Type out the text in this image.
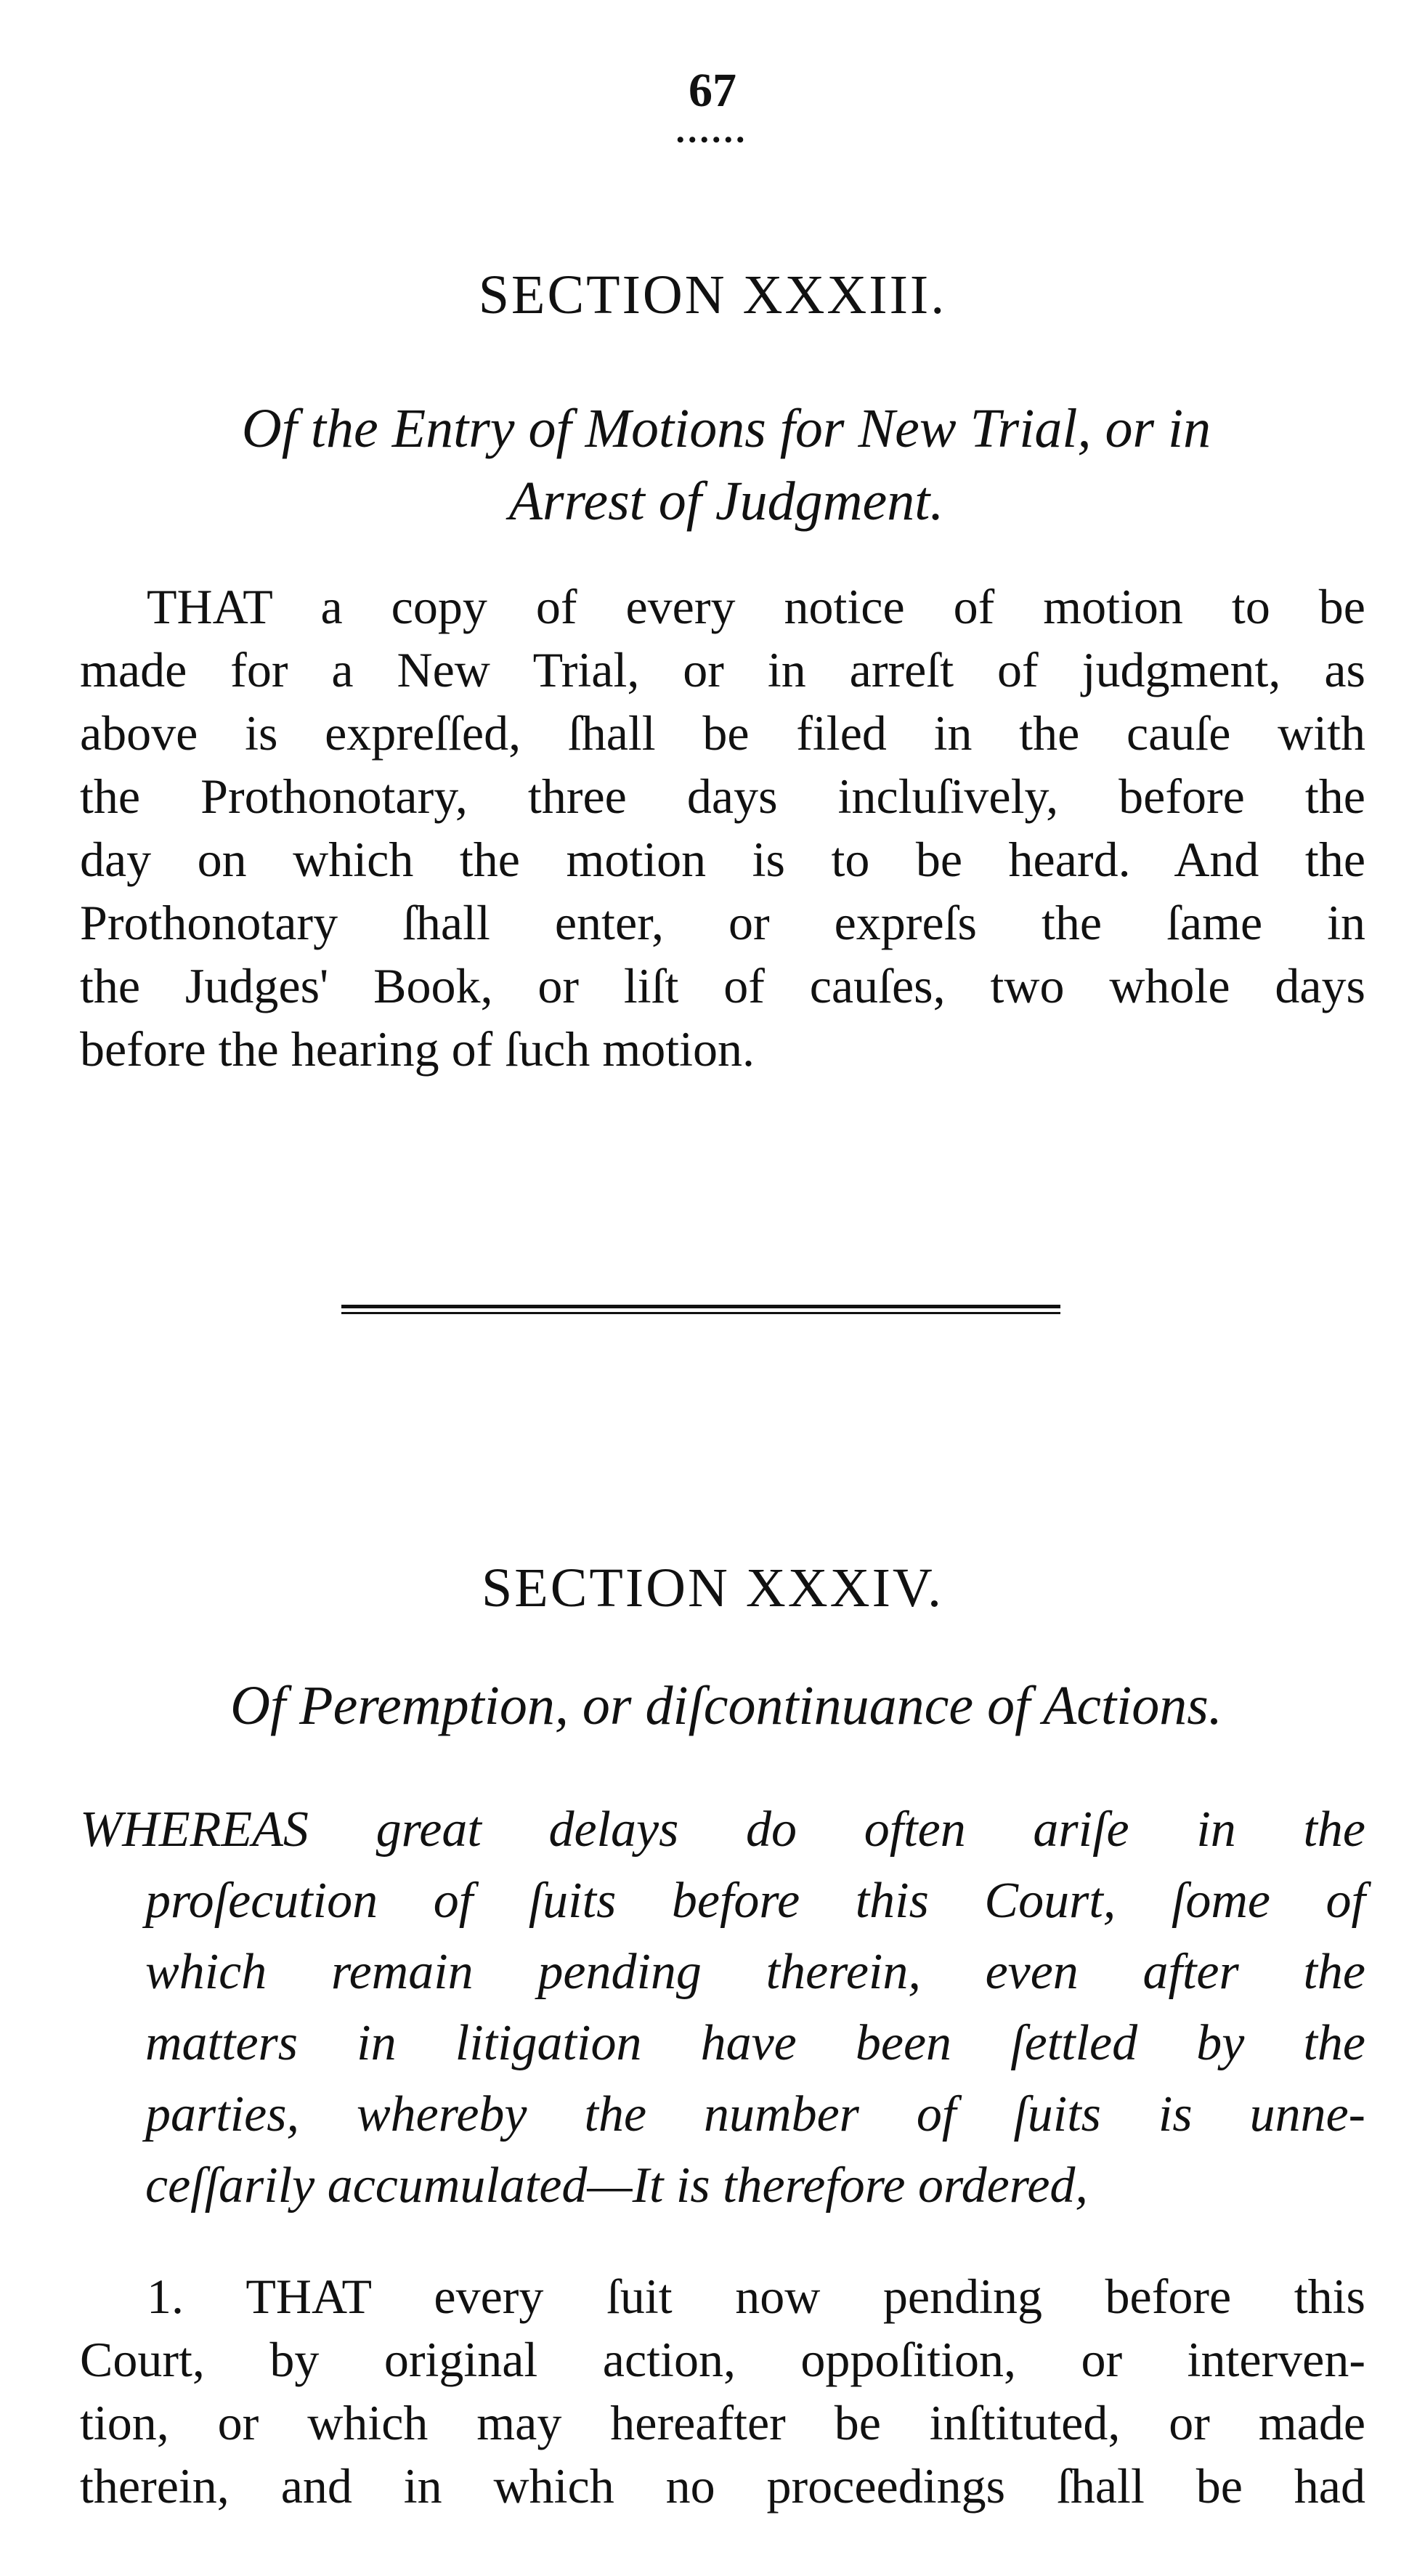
67
••••••
SECTION XXXIII.
Of the Entry of Motions for New Trial, or in
Arrest of Judgment.
THAT a copy of every notice of motion to be
made for a New Trial, or in arreſt of judgment, as
above is expreſſed, ſhall be filed in the cauſe with
the Prothonotary, three days incluſively, before the
day on which the motion is to be heard. And the
Prothonotary ſhall enter, or expreſs the ſame in
the Judges' Book, or liſt of cauſes, two whole days
before the hearing of ſuch motion.
SECTION XXXIV.
Of Peremption, or diſcontinuance of Actions.
WHEREAS great delays do often ariſe in the
proſecution of ſuits before this Court, ſome of
which remain pending therein, even after the
matters in litigation have been ſettled by the
parties, whereby the number of ſuits is unne-
ceſſarily accumulated—It is therefore ordered,
1. THAT every ſuit now pending before this
Court, by original action, oppoſition, or interven-
tion, or which may hereafter be inſtituted, or made
therein, and in which no proceedings ſhall be had
